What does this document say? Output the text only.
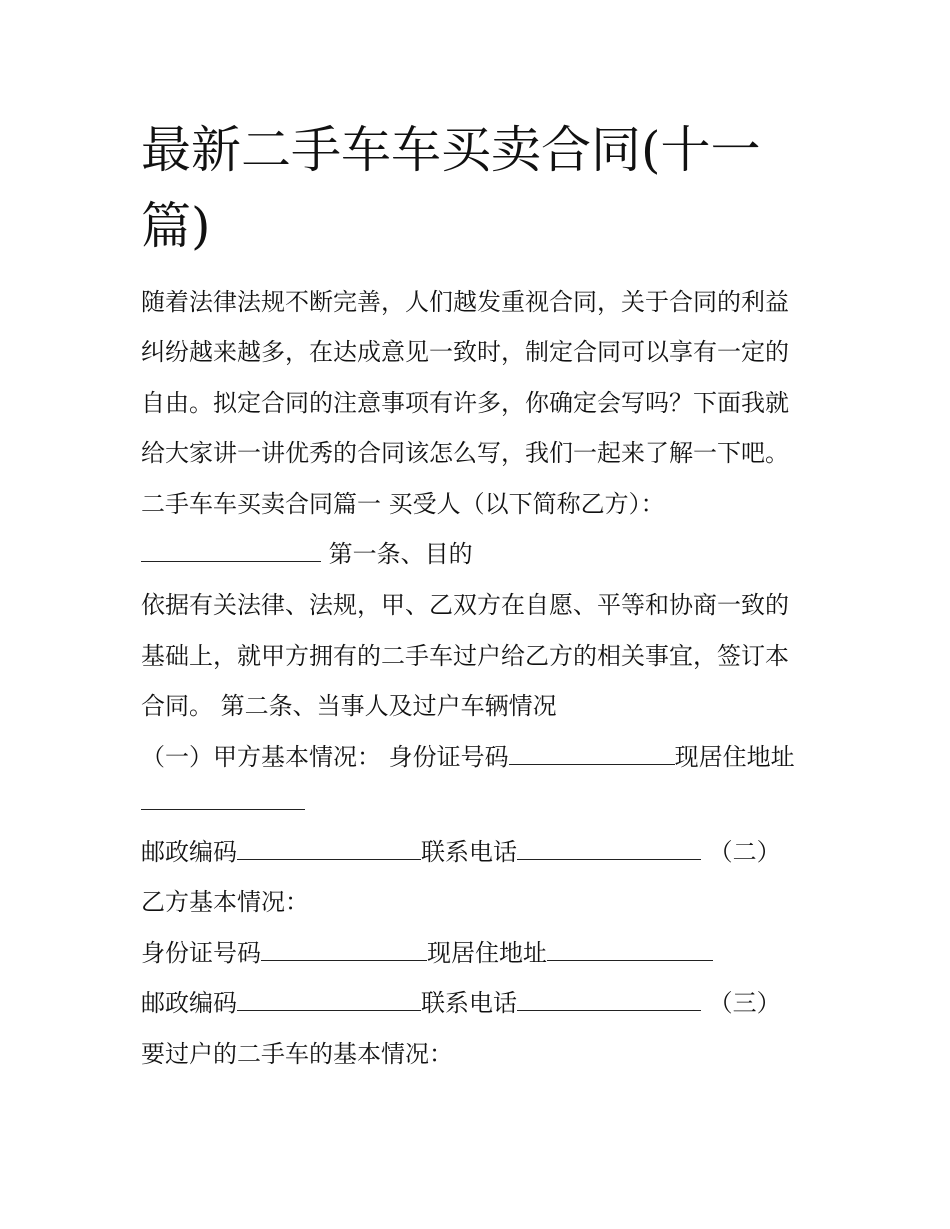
最新二手车车买卖合同(十一篇)
随着法律法规不断完善，人们越发重视合同，关于合同的利益
纠纷越来越多，在达成意见一致时，制定合同可以享有一定的
自由。拟定合同的注意事项有许多，你确定会写吗？下面我就
给大家讲一讲优秀的合同该怎么写，我们一起来了解一下吧。
二手车车买卖合同篇一 买受人（以下简称乙方）：
第一条、目的
依据有关法律、法规，甲、乙双方在自愿、平等和协商一致的
基础上，就甲方拥有的二手车过户给乙方的相关事宜，签订本
合同。 第二条、当事人及过户车辆情况
（一）甲方基本情况： 身份证号码	现居住地址
邮政编码	联系电话	（二）
乙方基本情况：
身份证号码	现居住地址
邮政编码	联系电话	（三）
要过户的二手车的基本情况：
